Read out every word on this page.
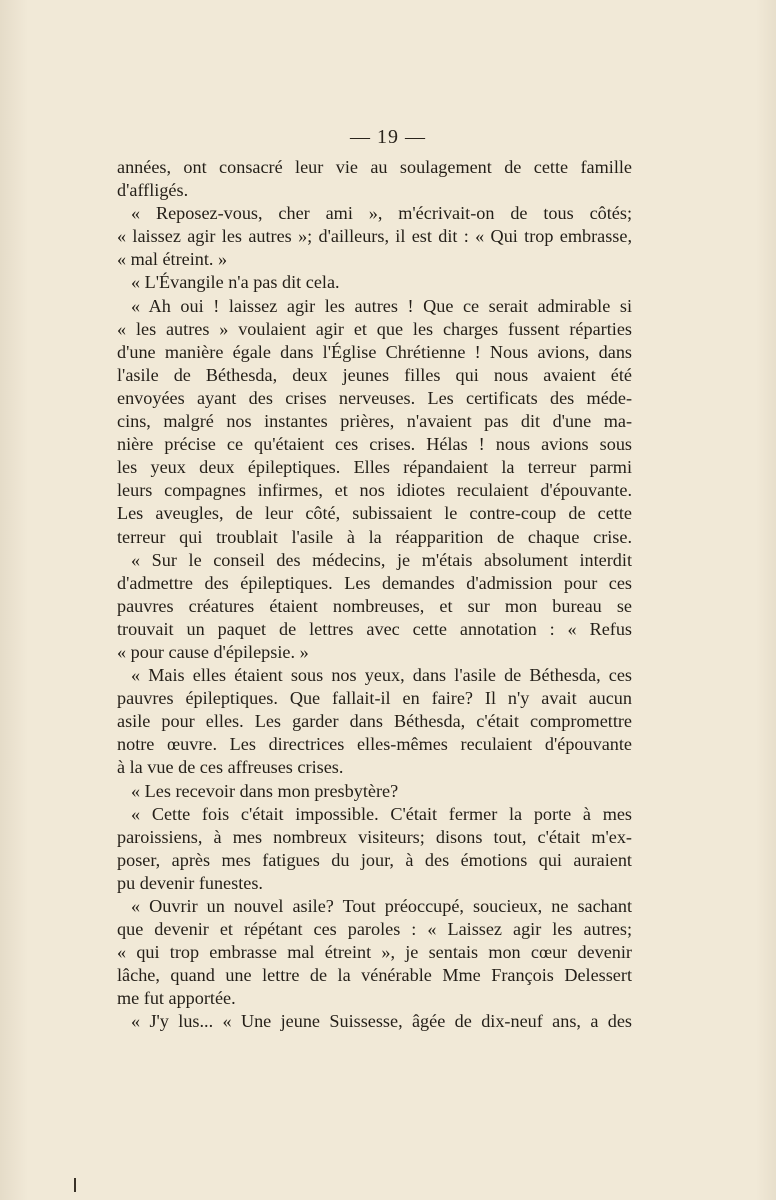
— 19 —
années, ont consacré leur vie au soulagement de cette famille
d'affligés.
« Reposez-vous, cher ami », m'écrivait-on de tous côtés;
« laissez agir les autres »; d'ailleurs, il est dit : « Qui trop embrasse,
« mal étreint. »
« L'Évangile n'a pas dit cela.
« Ah oui ! laissez agir les autres ! Que ce serait admirable si
« les autres » voulaient agir et que les charges fussent réparties
d'une manière égale dans l'Église Chrétienne ! Nous avions, dans
l'asile de Béthesda, deux jeunes filles qui nous avaient été
envoyées ayant des crises nerveuses. Les certificats des méde-
cins, malgré nos instantes prières, n'avaient pas dit d'une ma-
nière précise ce qu'étaient ces crises. Hélas ! nous avions sous
les yeux deux épileptiques. Elles répandaient la terreur parmi
leurs compagnes infirmes, et nos idiotes reculaient d'épouvante.
Les aveugles, de leur côté, subissaient le contre-coup de cette
terreur qui troublait l'asile à la réapparition de chaque crise.
« Sur le conseil des médecins, je m'étais absolument interdit
d'admettre des épileptiques. Les demandes d'admission pour ces
pauvres créatures étaient nombreuses, et sur mon bureau se
trouvait un paquet de lettres avec cette annotation : « Refus
« pour cause d'épilepsie. »
« Mais elles étaient sous nos yeux, dans l'asile de Béthesda, ces
pauvres épileptiques. Que fallait-il en faire? Il n'y avait aucun
asile pour elles. Les garder dans Béthesda, c'était compromettre
notre œuvre. Les directrices elles-mêmes reculaient d'épouvante
à la vue de ces affreuses crises.
« Les recevoir dans mon presbytère?
« Cette fois c'était impossible. C'était fermer la porte à mes
paroissiens, à mes nombreux visiteurs; disons tout, c'était m'ex-
poser, après mes fatigues du jour, à des émotions qui auraient
pu devenir funestes.
« Ouvrir un nouvel asile? Tout préoccupé, soucieux, ne sachant
que devenir et répétant ces paroles : « Laissez agir les autres;
« qui trop embrasse mal étreint », je sentais mon cœur devenir
lâche, quand une lettre de la vénérable Mme François Delessert
me fut apportée.
« J'y lus... « Une jeune Suissesse, âgée de dix-neuf ans, a des
